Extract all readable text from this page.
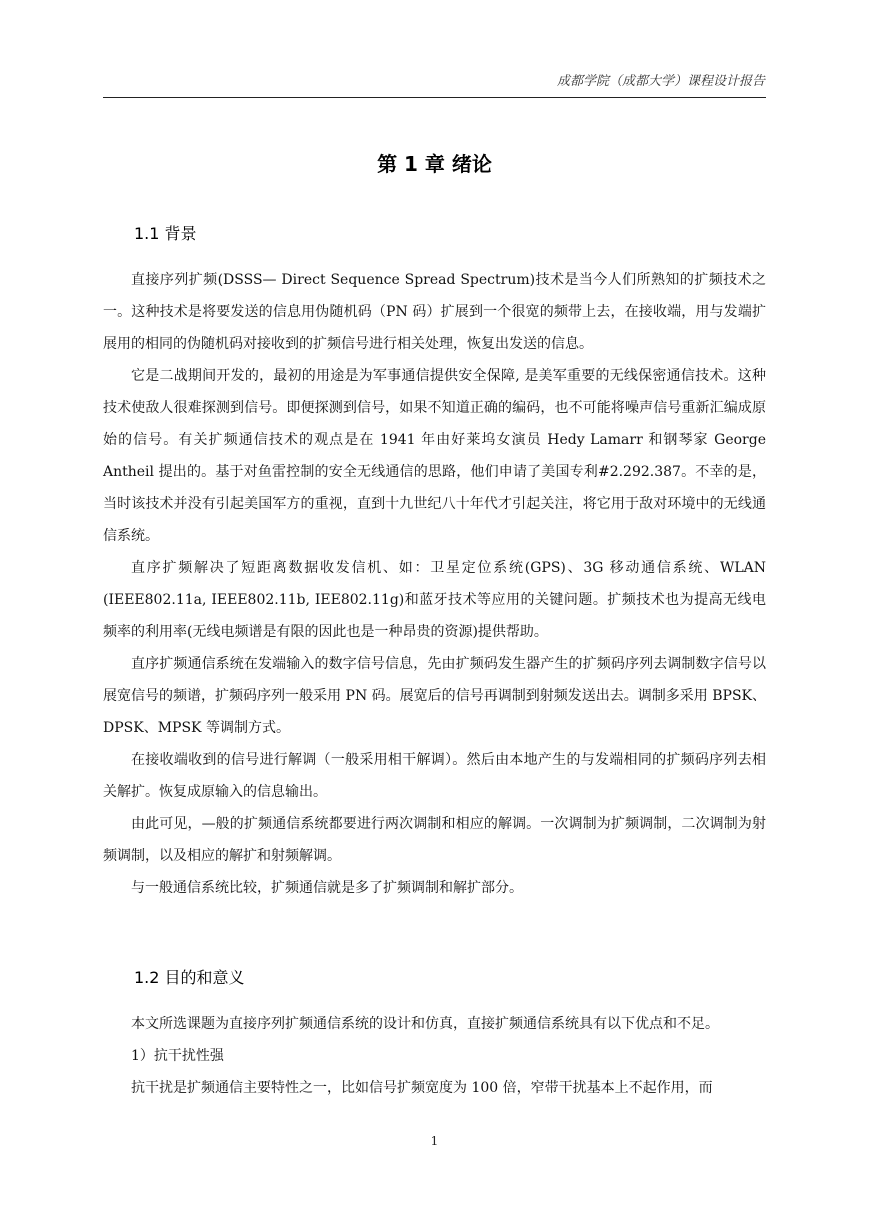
成都学院（成都大学）课程设计报告
第 1 章 绪论
1.1 背景

直接序列扩频(DSSS— Direct Sequence Spread Spectrum)技术是当今人们所熟知的扩频技术之一。这种技术是将要发送的信息用伪随机码（PN 码）扩展到一个很宽的频带上去，在接收端，用与发端扩展用的相同的伪随机码对接收到的扩频信号进行相关处理，恢复出发送的信息。

它是二战期间开发的，最初的用途是为军事通信提供安全保障, 是美军重要的无线保密通信技术。这种技术使敌人很难探测到信号。即便探测到信号，如果不知道正确的编码，也不可能将噪声信号重新汇编成原始的信号。有关扩频通信技术的观点是在 1941 年由好莱坞女演员 Hedy Lamarr 和钢琴家 George Antheil 提出的。基于对鱼雷控制的安全无线通信的思路，他们申请了美国专利#2.292.387。不幸的是，当时该技术并没有引起美国军方的重视，直到十九世纪八十年代才引起关注，将它用于敌对环境中的无线通信系统。

直序扩频解决了短距离数据收发信机、如：卫星定位系统(GPS)、3G 移动通信系统、WLAN (IEEE802.11a, IEEE802.11b, IEE802.11g)和蓝牙技术等应用的关键问题。扩频技术也为提高无线电频率的利用率(无线电频谱是有限的因此也是一种昂贵的资源)提供帮助。

直序扩频通信系统在发端输入的数字信号信息，先由扩频码发生器产生的扩频码序列去调制数字信号以展宽信号的频谱，扩频码序列一般采用 PN 码。展宽后的信号再调制到射频发送出去。调制多采用 BPSK、DPSK、MPSK 等调制方式。

在接收端收到的信号进行解调（一般采用相干解调）。然后由本地产生的与发端相同的扩频码序列去相关解扩。恢复成原输入的信息输出。

由此可见，—般的扩频通信系统都要进行两次调制和相应的解调。一次调制为扩频调制，二次调制为射频调制，以及相应的解扩和射频解调。

与一般通信系统比较，扩频通信就是多了扩频调制和解扩部分。

1.2 目的和意义

本文所选课题为直接序列扩频通信系统的设计和仿真，直接扩频通信系统具有以下优点和不足。

1）抗干扰性强

抗干扰是扩频通信主要特性之一，比如信号扩频宽度为 100 倍，窄带干扰基本上不起作用，而

1
